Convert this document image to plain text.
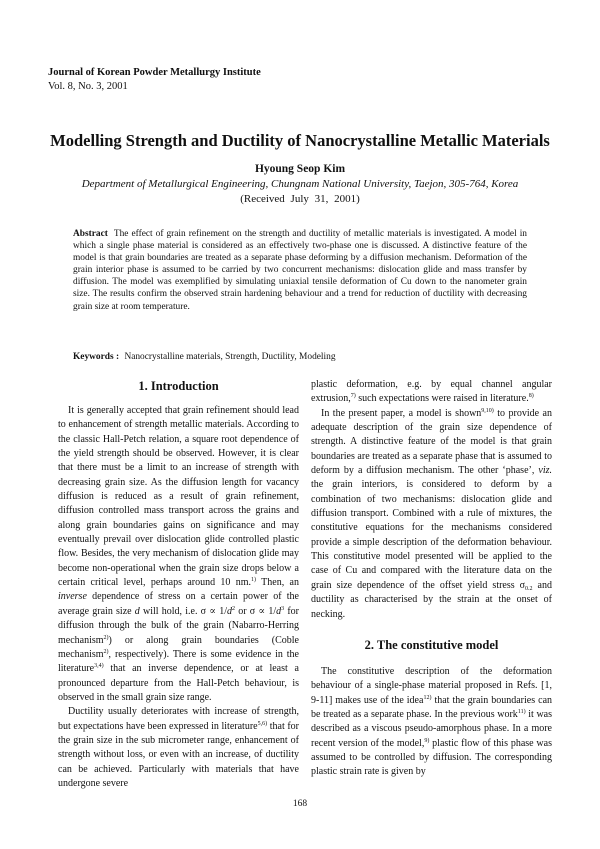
Journal of Korean Powder Metallurgy Institute
Vol. 8, No. 3, 2001
Modelling Strength and Ductility of Nanocrystalline Metallic Materials
Hyoung Seop Kim
Department of Metallurgical Engineering, Chungnam National University, Taejon, 305-764, Korea
(Received July 31, 2001)

Abstract The effect of grain refinement on the strength and ductility of metallic materials is investigated. A model in which a single phase material is considered as an effectively two-phase one is discussed. A distinctive feature of the model is that grain boundaries are treated as a separate phase deforming by a diffusion mechanism. Deformation of the grain interior phase is assumed to be carried by two concurrent mechanisms: dislocation glide and mass transfer by diffusion. The model was exemplified by simulating uniaxial tensile deformation of Cu down to the nanometer grain size. The results confirm the observed strain hardening behaviour and a trend for reduction of ductility with decreasing grain size at room temperature.

Keywords : Nanocrystalline materials, Strength, Ductility, Modeling

1. Introduction

It is generally accepted that grain refinement should lead to enhancement of strength metallic materials. According to the classic Hall-Petch relation, a square root dependence of the yield strength should be observed. However, it is clear that there must be a limit to an increase of strength with decreasing grain size. As the diffusion length for vacancy diffusion is reduced as a result of grain refinement, diffusion controlled mass transport across the grains and along grain boundaries gains on significance and may eventually prevail over dislocation glide controlled plastic flow. Besides, the very mechanism of dislocation glide may become non-operational when the grain size drops below a certain critical level, perhaps around 10 nm.$^{1)}$ Then, an inverse dependence of stress on a certain power of the average grain size d will hold, i.e. $\sigma \propto 1/d^2$ or $\sigma \propto 1/d^3$ for diffusion through the bulk of the grain (Nabarro-Herring mechanism$^{2)}$) or along grain boundaries (Coble mechanism$^{2)}$, respectively). There is some evidence in the literature$^{3,4)}$ that an inverse dependence, or at least a pronounced departure from the Hall-Petch behaviour, is observed in the small grain size range.

Ductility usually deteriorates with increase of strength, but expectations have been expressed in literature$^{5,6)}$ that for the grain size in the sub micrometer range, enhancement of strength without loss, or even with an increase, of ductility can be achieved. Particularly with materials that have undergone severe

plastic deformation, e.g. by equal channel angular extrusion,$^{7)}$ such expectations were raised in literature.$^{8)}$

In the present paper, a model is shown$^{9,10)}$ to provide an adequate description of the grain size dependence of strength. A distinctive feature of the model is that grain boundaries are treated as a separate phase that is assumed to deform by a diffusion mechanism. The other ‘phase’, viz. the grain interiors, is considered to deform by a combination of two mechanisms: dislocation glide and diffusion transport. Combined with a rule of mixtures, the constitutive equations for the mechanisms considered provide a simple description of the deformation behaviour. This constitutive model presented will be applied to the case of Cu and compared with the literature data on the grain size dependence of the offset yield stress $\sigma_{0.2}$ and ductility as characterised by the strain at the onset of necking.

2. The constitutive model

The constitutive description of the deformation behaviour of a single-phase material proposed in Refs. [1, 9-11] makes use of the idea$^{12)}$ that the grain boundaries can be treated as a separate phase. In the previous work$^{11)}$ it was described as a viscous pseudo-amorphous phase. In a more recent version of the model,$^{9)}$ plastic flow of this phase was assumed to be controlled by diffusion. The corresponding plastic strain rate is given by

168
